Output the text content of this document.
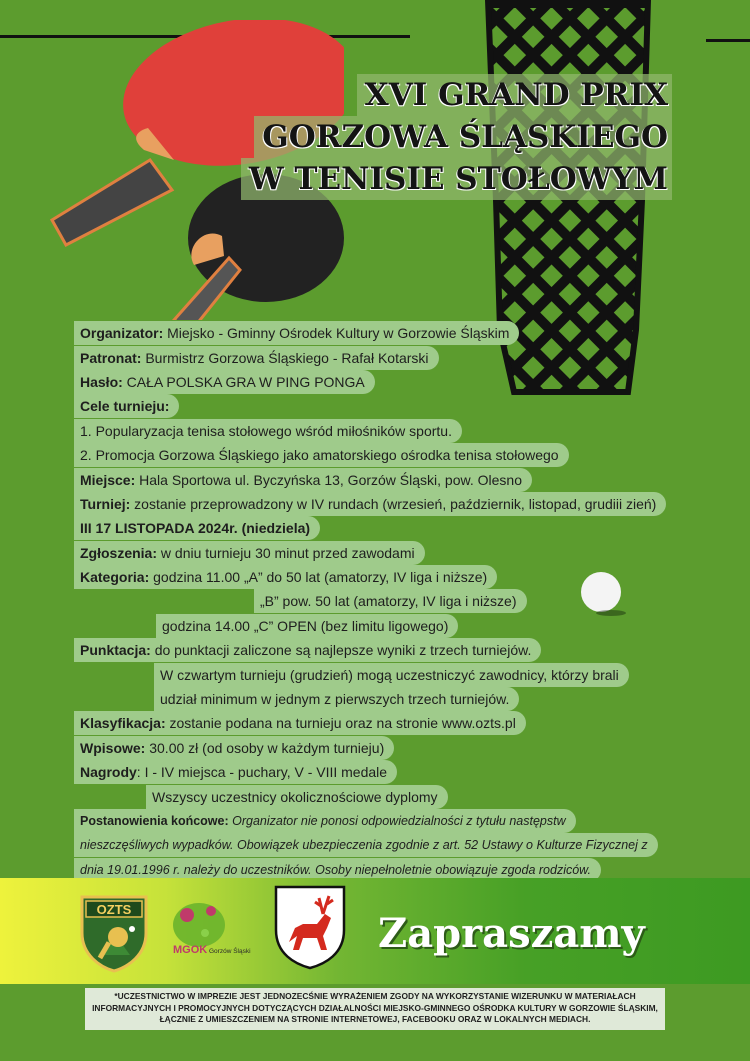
XVI GRAND PRIX
GORZOWA ŚLĄSKIEGO
W TENISIE STOŁOWYM
Organizator: Miejsko - Gminny Ośrodek Kultury w Gorzowie Śląskim
Patronat: Burmistrz Gorzowa Śląskiego - Rafał Kotarski
Hasło: CAŁA POLSKA GRA W PING PONGA
Cele turnieju:
1. Popularyzacja tenisa stołowego wśród miłośników sportu.
2. Promocja Gorzowa Śląskiego jako amatorskiego ośrodka tenisa stołowego
Miejsce: Hala Sportowa ul. Byczyńska 13, Gorzów Śląski, pow. Olesno
Turniej: zostanie przeprowadzony w IV rundach (wrzesień, październik, listopad, grudiii zień)
III 17 LISTOPADA 2024r. (niedziela)
Zgłoszenia: w dniu turnieju 30 minut przed zawodami
Kategoria: godzina 11.00 „A” do 50 lat (amatorzy, IV liga i niższe)
„B” pow. 50 lat (amatorzy, IV liga i niższe)
godzina 14.00 „C” OPEN (bez limitu ligowego)
Punktacja: do punktacji zaliczone są najlepsze wyniki z trzech turniejów.
W czwartym turnieju (grudzień) mogą uczestniczyć zawodnicy, którzy brali
udział minimum w jednym z pierwszych trzech turniejów.
Klasyfikacja: zostanie podana na turnieju oraz na stronie www.ozts.pl
Wpisowe: 30.00 zł (od osoby w każdym turnieju)
Nagrody: I - IV miejsca - puchary, V - VIII medale
Wszyscy uczestnicy okolicznościowe dyplomy
Postanowienia końcowe: Organizator nie ponosi odpowiedzialności z tytułu następstw
nieszczęśliwych wypadków. Obowiązek ubezpieczenia zgodnie z art. 52 Ustawy o Kulturze Fizycznej z
dnia 19.01.1996 r. należy do uczestników. Osoby niepełnoletnie obowiązuje zgoda rodziców.
OZTS
MGOK Gorzów Śląski	Zapraszamy
*UCZESTNICTWO W IMPREZIE JEST JEDNOZECŚNIE WYRAŻENIEM ZGODY NA WYKORZYSTANIE WIZERUNKU W MATERIAŁACH INFORMACYJNYCH I PROMOCYJNYCH DOTYCZĄCYCH DZIAŁALNOŚCI MIEJSKO-GMINNEGO OŚRODKA KULTURY W GORZOWIE ŚLĄSKIM, ŁĄCZNIE Z UMIESZCZENIEM NA STRONIE INTERNETOWEJ, FACEBOOKU ORAZ W LOKALNYCH MEDIACH.
